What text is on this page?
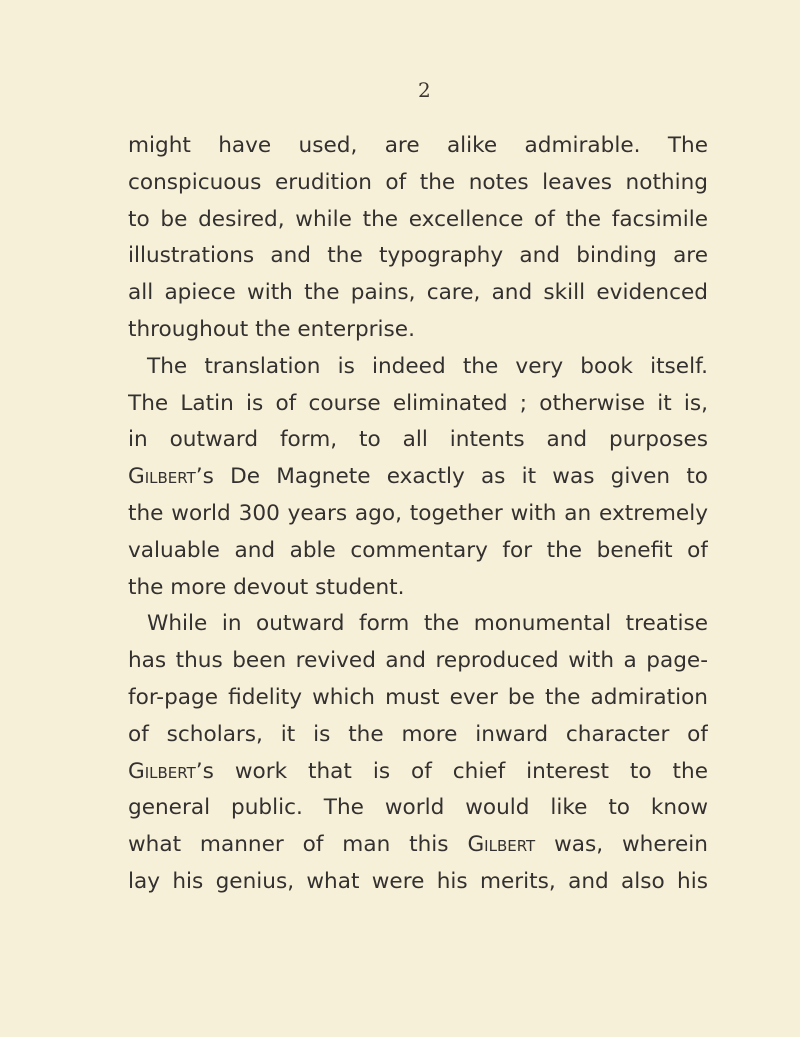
2
might have used, are alike admirable. The
conspicuous erudition of the notes leaves nothing
to be desired, while the excellence of the facsimile
illustrations and the typography and binding are
all apiece with the pains, care, and skill evidenced
throughout the enterprise.
The translation is indeed the very book itself.
The Latin is of course eliminated ; otherwise it is,
in outward form, to all intents and purposes
Gilbert’s De Magnete exactly as it was given to
the world 300 years ago, together with an extremely
valuable and able commentary for the benefit of
the more devout student.
While in outward form the monumental treatise
has thus been revived and reproduced with a page-
for-page fidelity which must ever be the admiration
of scholars, it is the more inward character of
Gilbert’s work that is of chief interest to the
general public. The world would like to know
what manner of man this Gilbert was, wherein
lay his genius, what were his merits, and also his
